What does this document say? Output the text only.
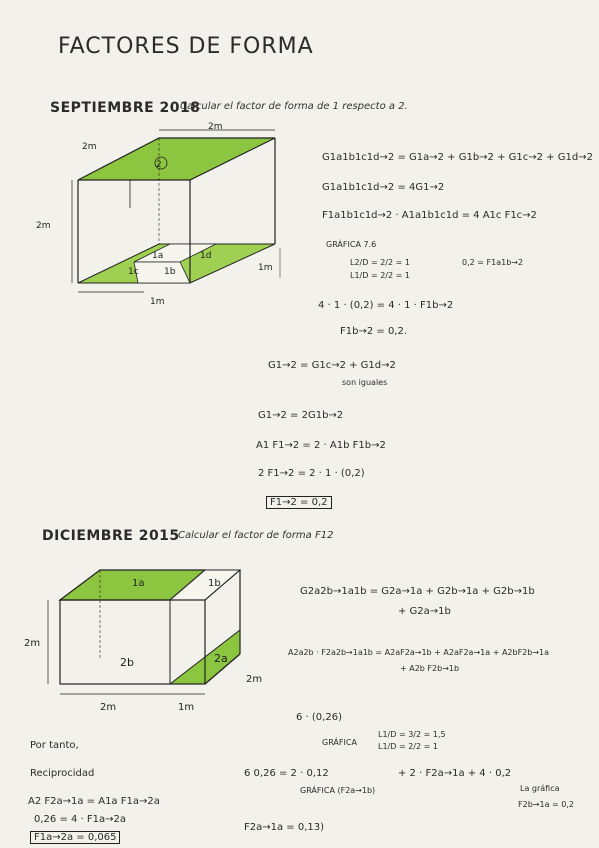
FACTORES DE FORMA
SEPTIEMBRE 2018
Calcular el factor de forma de 1 respecto a 2.
2
1a	1d
1c	1b
2m
2m
2m
1m
1m
G1a1b1c1d→2 = G1a→2 + G1b→2 + G1c→2 + G1d→2
G1a1b1c1d→2 = 4G1→2
F1a1b1c1d→2 · A1a1b1c1d = 4 A1c F1c→2
GRÁFICA 7.6
L2/D = 2/2 = 1
L1/D = 2/2 = 1
0,2 = F1a1b→2
4 · 1 · (0,2) = 4 · 1 · F1b→2
F1b→2 = 0,2.
G1→2 = G1c→2 + G1d→2
son iguales
G1→2 = 2G1b→2
A1 F1→2 = 2 · A1b F1b→2
2 F1→2 = 2 · 1 · (0,2)
F1→2 = 0,2
DICIEMBRE 2015
Calcular el factor de forma F12
1a	1b
2b	2a
2m
2m
2m	1m
G2a2b→1a1b = G2a→1a + G2b→1a + G2b→1b
+ G2a→1b
A2a2b · F2a2b→1a1b = A2aF2a→1b + A2aF2a→1a + A2bF2b→1a
+ A2b F2b→1b
6 · (0,26)
GRÁFICA
L1/D = 3/2 = 1,5
L1/D = 2/2 = 1
6 0,26 = 2 · 0,12
GRÁFICA (F2a→1b)
+ 2 · F2a→1a + 4 · 0,2
La gráfica
F2b→1a = 0,2
F2a→1a = 0,13)
Por tanto,
Reciprocidad
A2 F2a→1a = A1a F1a→2a
0,26 = 4 · F1a→2a
F1a→2a = 0,065
